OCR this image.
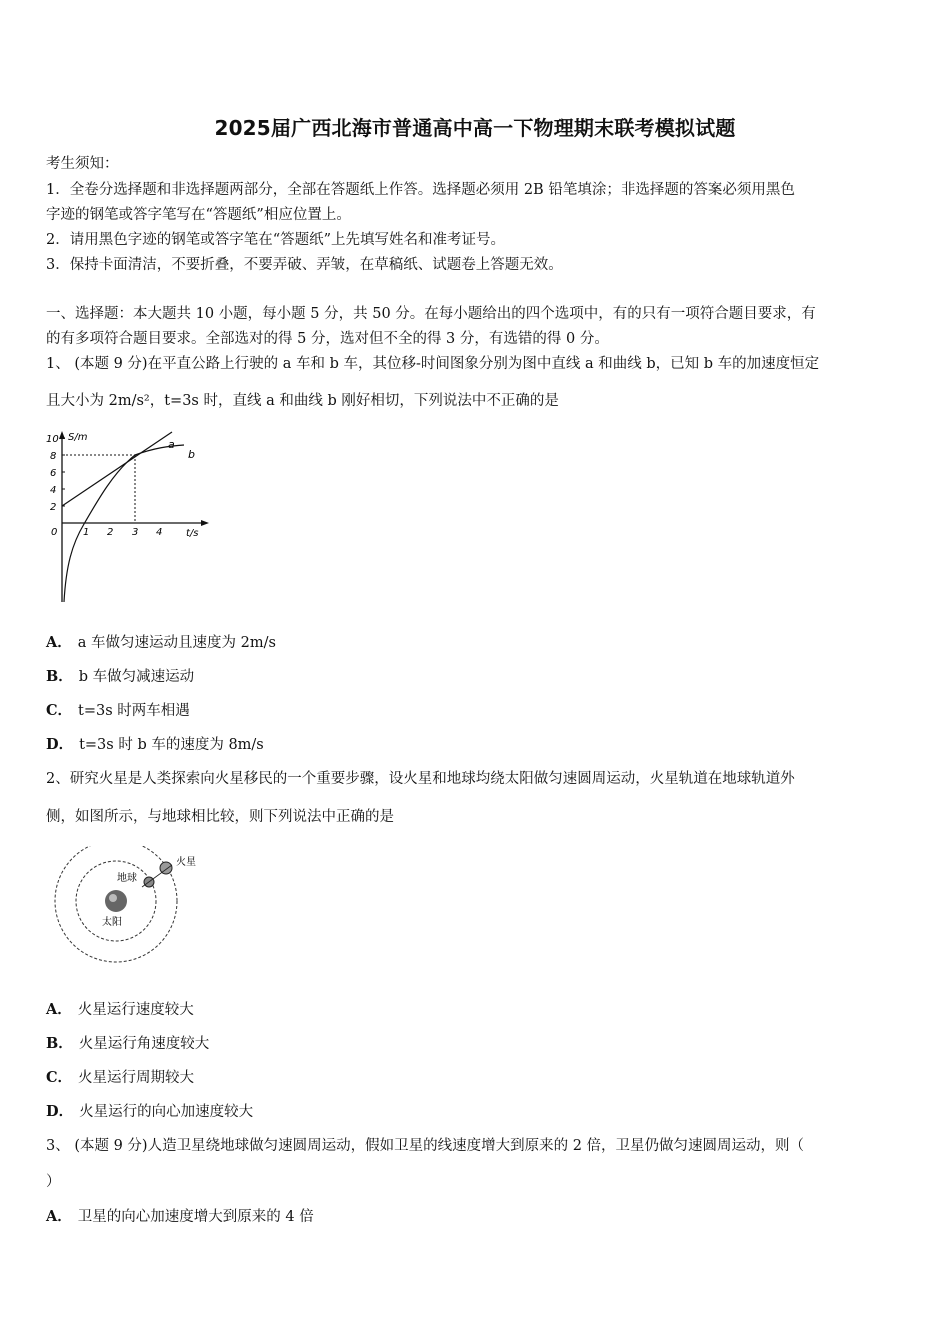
2025届广西北海市普通高中高一下物理期末联考模拟试题
考生须知：
1．全卷分选择题和非选择题两部分，全部在答题纸上作答。选择题必须用 2B 铅笔填涂；非选择题的答案必须用黑色
字迹的钢笔或答字笔写在“答题纸”相应位置上。
2．请用黑色字迹的钢笔或答字笔在“答题纸”上先填写姓名和准考证号。
3．保持卡面清洁，不要折叠，不要弄破、弄皱，在草稿纸、试题卷上答题无效。
一、选择题：本大题共 10 小题，每小题 5 分，共 50 分。在每小题给出的四个选项中，有的只有一项符合题目要求，有
的有多项符合题目要求。全部选对的得 5 分，选对但不全的得 3 分，有选错的得 0 分。
1、 (本题 9 分)在平直公路上行驶的 a 车和 b 车，其位移-时间图象分别为图中直线 a 和曲线 b，已知 b 车的加速度恒定
且大小为 2m/s²，t=3s 时，直线 a 和曲线 b 刚好相切，下列说法中不正确的是
S/m
t/s
0
2
4
6
8
10
1 2 3 4
a
b
A． a 车做匀速运动且速度为 2m/s
B． b 车做匀减速运动
C． t=3s 时两车相遇
D． t=3s 时 b 车的速度为 8m/s
2、研究火星是人类探索向火星移民的一个重要步骤，设火星和地球均绕太阳做匀速圆周运动，火星轨道在地球轨道外
侧，如图所示，与地球相比较，则下列说法中正确的是
太阳
地球
火星
A． 火星运行速度较大
B． 火星运行角速度较大
C． 火星运行周期较大
D． 火星运行的向心加速度较大
3、 (本题 9 分)人造卫星绕地球做匀速圆周运动，假如卫星的线速度增大到原来的 2 倍，卫星仍做匀速圆周运动，则（
）
A． 卫星的向心加速度增大到原来的 4 倍
